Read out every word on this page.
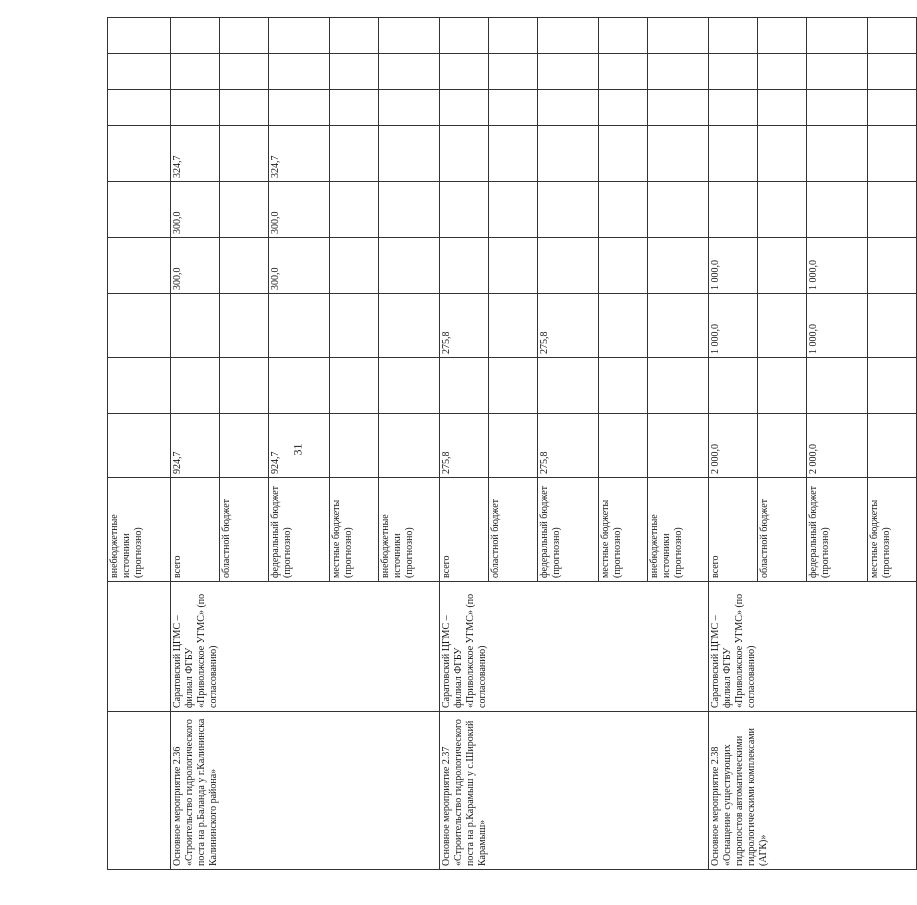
31
		внебюджетные источники (прогнозно)									
Основное мероприятие 2.36 «Строительство гидрологического поста на р.Баланда у г.Калининска Калининского района»	Саратовский ЦГМС – филиал ФГБУ «Приволжское УГМС» (по согласованию)	всего	924,7			300,0	300,0	324,7			
		областной бюджет									
		федеральный бюджет (прогнозно)	924,7			300,0	300,0	324,7			
		местные бюджеты (прогнозно)									
		внебюджетные источники (прогнозно)									
Основное мероприятие 2.37 «Строительство гидрологического поста на р.Карамыш у с.Широкий Карамыш»	Саратовский ЦГМС – филиал ФГБУ «Приволжское УГМС» (по согласованию)	всего	275,8		275,8						
		областной бюджет									
		федеральный бюджет (прогнозно)	275,8		275,8						
		местные бюджеты (прогнозно)									
		внебюджетные источники (прогнозно)									
Основное мероприятие 2.38 «Оснащение существующих гидропостов автоматическими гидрологическими комплексами (АГК)»	Саратовский ЦГМС – филиал ФГБУ «Приволжское УГМС» (по согласованию)	всего	2 000,0		1 000,0	1 000,0					
		областной бюджет									
		федеральный бюджет (прогнозно)	2 000,0		1 000,0	1 000,0					
		местные бюджеты (прогнозно)									
